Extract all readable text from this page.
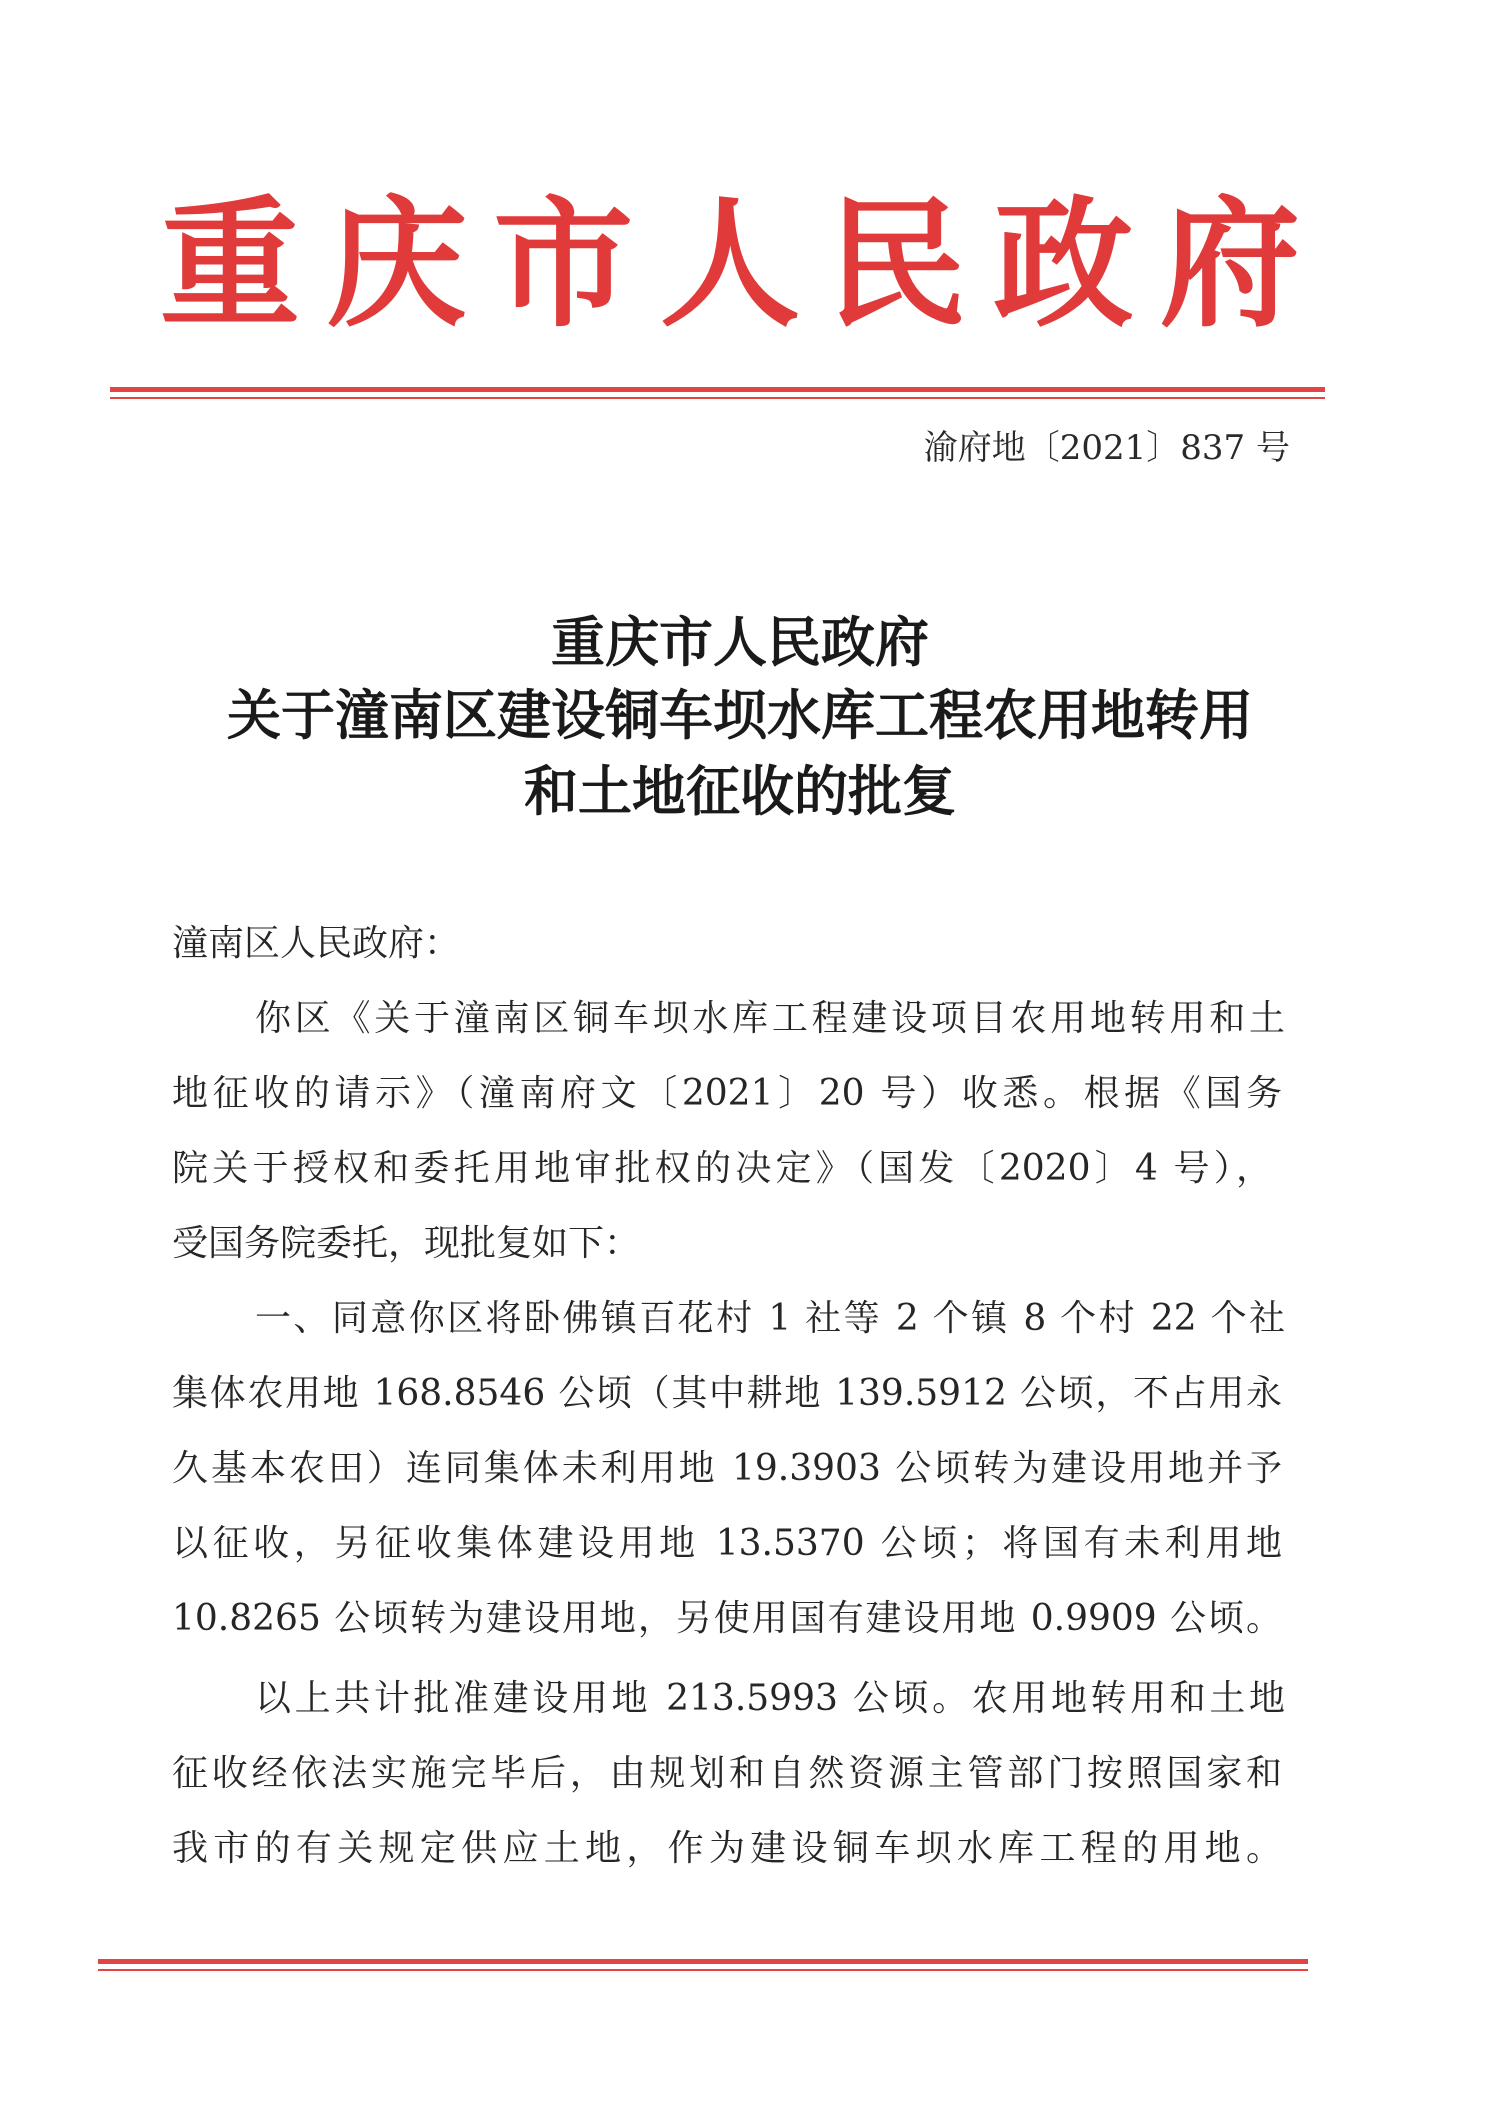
重庆市人民政府
渝府地〔2021〕837 号
重庆市人民政府
关于潼南区建设铜车坝水库工程农用地转用
和土地征收的批复
潼南区人民政府：
你区《关于潼南区铜车坝水库工程建设项目农用地转用和土
地征收的请示》（潼南府文〔2021〕20 号）收悉。根据《国务
院关于授权和委托用地审批权的决定》（国发〔2020〕4 号），
受国务院委托，现批复如下：
一、同意你区将卧佛镇百花村 1 社等 2 个镇 8 个村 22 个社
集体农用地 168.8546 公顷（其中耕地 139.5912 公顷，不占用永
久基本农田）连同集体未利用地 19.3903 公顷转为建设用地并予
以征收，另征收集体建设用地 13.5370 公顷；将国有未利用地
10.8265 公顷转为建设用地，另使用国有建设用地 0.9909 公顷。
以上共计批准建设用地 213.5993 公顷。农用地转用和土地
征收经依法实施完毕后，由规划和自然资源主管部门按照国家和
我市的有关规定供应土地，作为建设铜车坝水库工程的用地。
